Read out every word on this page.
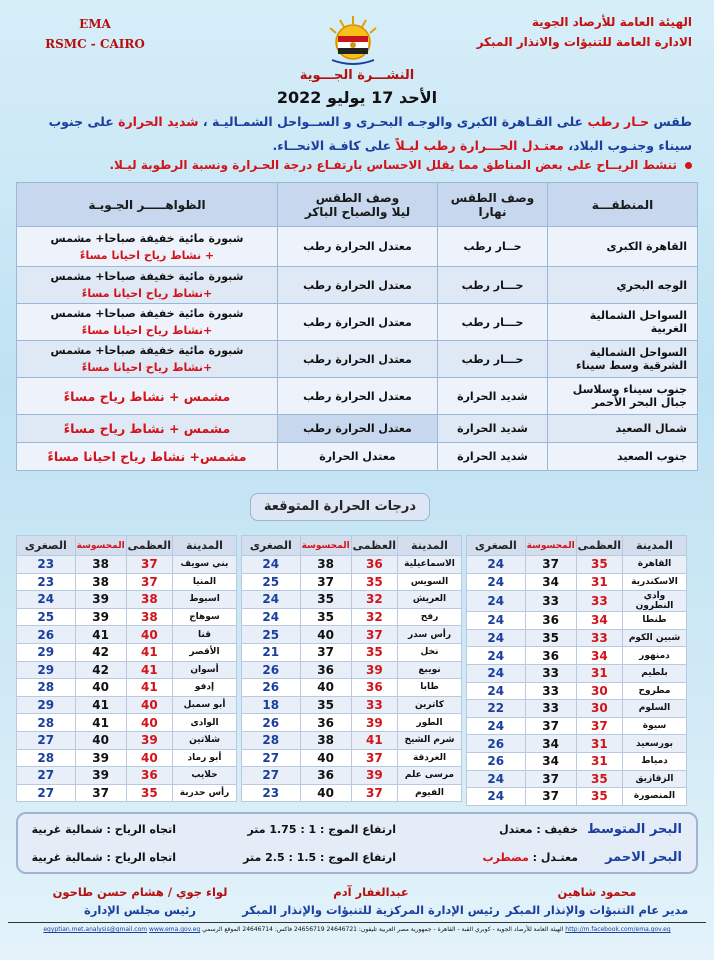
EMA
RSMC - CAIRO
الهيئة العامة للأرصاد الجوية
الادارة العامة للتنبؤات والانذار المبكر
النشـــرة الجـــوية
الأحد 17 يوليو 2022
طقس حـار رطب على القـاهرة الكبرى والوجـه البحـرى و الســواحل الشمـاليـة ، شديد الحرارة على جنوب سيناء وجنـوب البلاد، معتـدل الحـــرارة رطب ليـلاً على كافـة الانحــاء.
تنشط الريــاح على بعض المناطق مما يقلل الاحساس بارتفـاع درجة الحـرارة ونسبة الرطوبة ليـلا.
المنطقـــة	وصف الطقس نهارا	وصف الطقس
ليلا والصباح الباكر	الظواهـــــر الجـويـة
القاهرة الكبرى	حــار رطب	معتدل الحرارة رطب	شبورة مائية خفيفة صباحا+ مشمس
+ نشاط رياح احيانا مساءً

الوجه البحري	حـــار رطب	معتدل الحرارة رطب	شبورة مائية خفيفة صباحا+ مشمس
+نشاط رياح احيانا مساءً

السواحل الشمالية الغربية	حـــار رطب	معتدل الحرارة رطب	شبورة مائية خفيفة صباحا+ مشمس
+نشاط رياح احيانا مساءً

السواحل الشمالية الشرقية وسط سيناء	حـــار رطب	معتدل الحرارة رطب	شبورة مائية خفيفة صباحا+ مشمس
+نشاط رياح احيانا مساءً

جنوب سيناء وسلاسل جبال البحر الأحمر	شديد الحرارة	معتدل الحرارة رطب	مشمس + نشاط رياح مساءً

شمال الصعيد	شديد الحرارة	معتدل الحرارة رطب	مشمس + نشاط رياح مساءً

جنوب الصعيد	شديد الحرارة	معتدل الحرارة	مشمس+ نشاط رياح احيانا مساءً
درجات الحرارة المتوقعة
المدينة	العظمى	المحسوسة	الصغرى
القاهرة	35	37	24
الاسكندرية	31	34	24
وادي النطرون	33	33	24
طنطا	34	36	24
شبين الكوم	33	35	24
دمنهور	34	36	24
بلطيم	31	33	24
مطروح	30	33	24
السلوم	30	33	22
سيوة	37	37	24
بورسعيد	31	34	26
دمياط	31	34	26
الزقازيق	35	37	24
المنصورة	35	37	24
المدينة	العظمى	المحسوسة	الصغرى
الاسماعيلية	36	38	24
السويس	35	37	25
العريش	32	35	24
رفح	32	35	24
رأس سدر	37	40	25
نخل	35	37	21
نويبع	39	36	26
طابا	36	40	26
كاترين	33	35	18
الطور	39	36	26
شرم الشيخ	41	38	28
الغردقة	37	40	27
مرسى علم	39	36	27
الفيوم	37	40	23
المدينة	العظمى	المحسوسة	الصغرى
بني سويف	37	38	23
المنيا	37	38	23
اسيوط	38	39	24
سوهاج	38	39	25
قنا	40	41	26
الأقصر	41	42	29
أسوان	41	42	29
إدفو	41	40	28
أبو سمبل	40	41	29
الوادى	40	41	28
شلاتين	39	40	27
أبو رماد	40	39	28
حلايب	36	39	27
رأس حدربة	35	37	27
البحر المتوسط
خفيف : معتدل
ارتفاع الموج : 1 : 1.75 متر
اتجاه الرياح : شمالية غربية
البحر الاحمر
معتـدل : مضطرب
ارتفاع الموج : 1.5 : 2.5 متر
اتجاه الرياح : شمالية غربية
محمود شاهين
مدير عام التنبؤات والإنذار المبكر
عبدالغفار آدم
رئيس الإدارة المركزية للتنبؤات والإنذار المبكر
لواء جوي / هشام حسن طاحون
رئيس مجلس الإدارة
http://m.facebook.com/ema.gov.eg الهيئة العامة للأرصاد الجوية - كوبري القبة - القاهرة - جمهورية مصر العربية تليفون: 24646721 24656719 فاكس: 24646714 الموقع الرسمي egyptian.met.analysis@gmail.com www.ema.gov.eg
